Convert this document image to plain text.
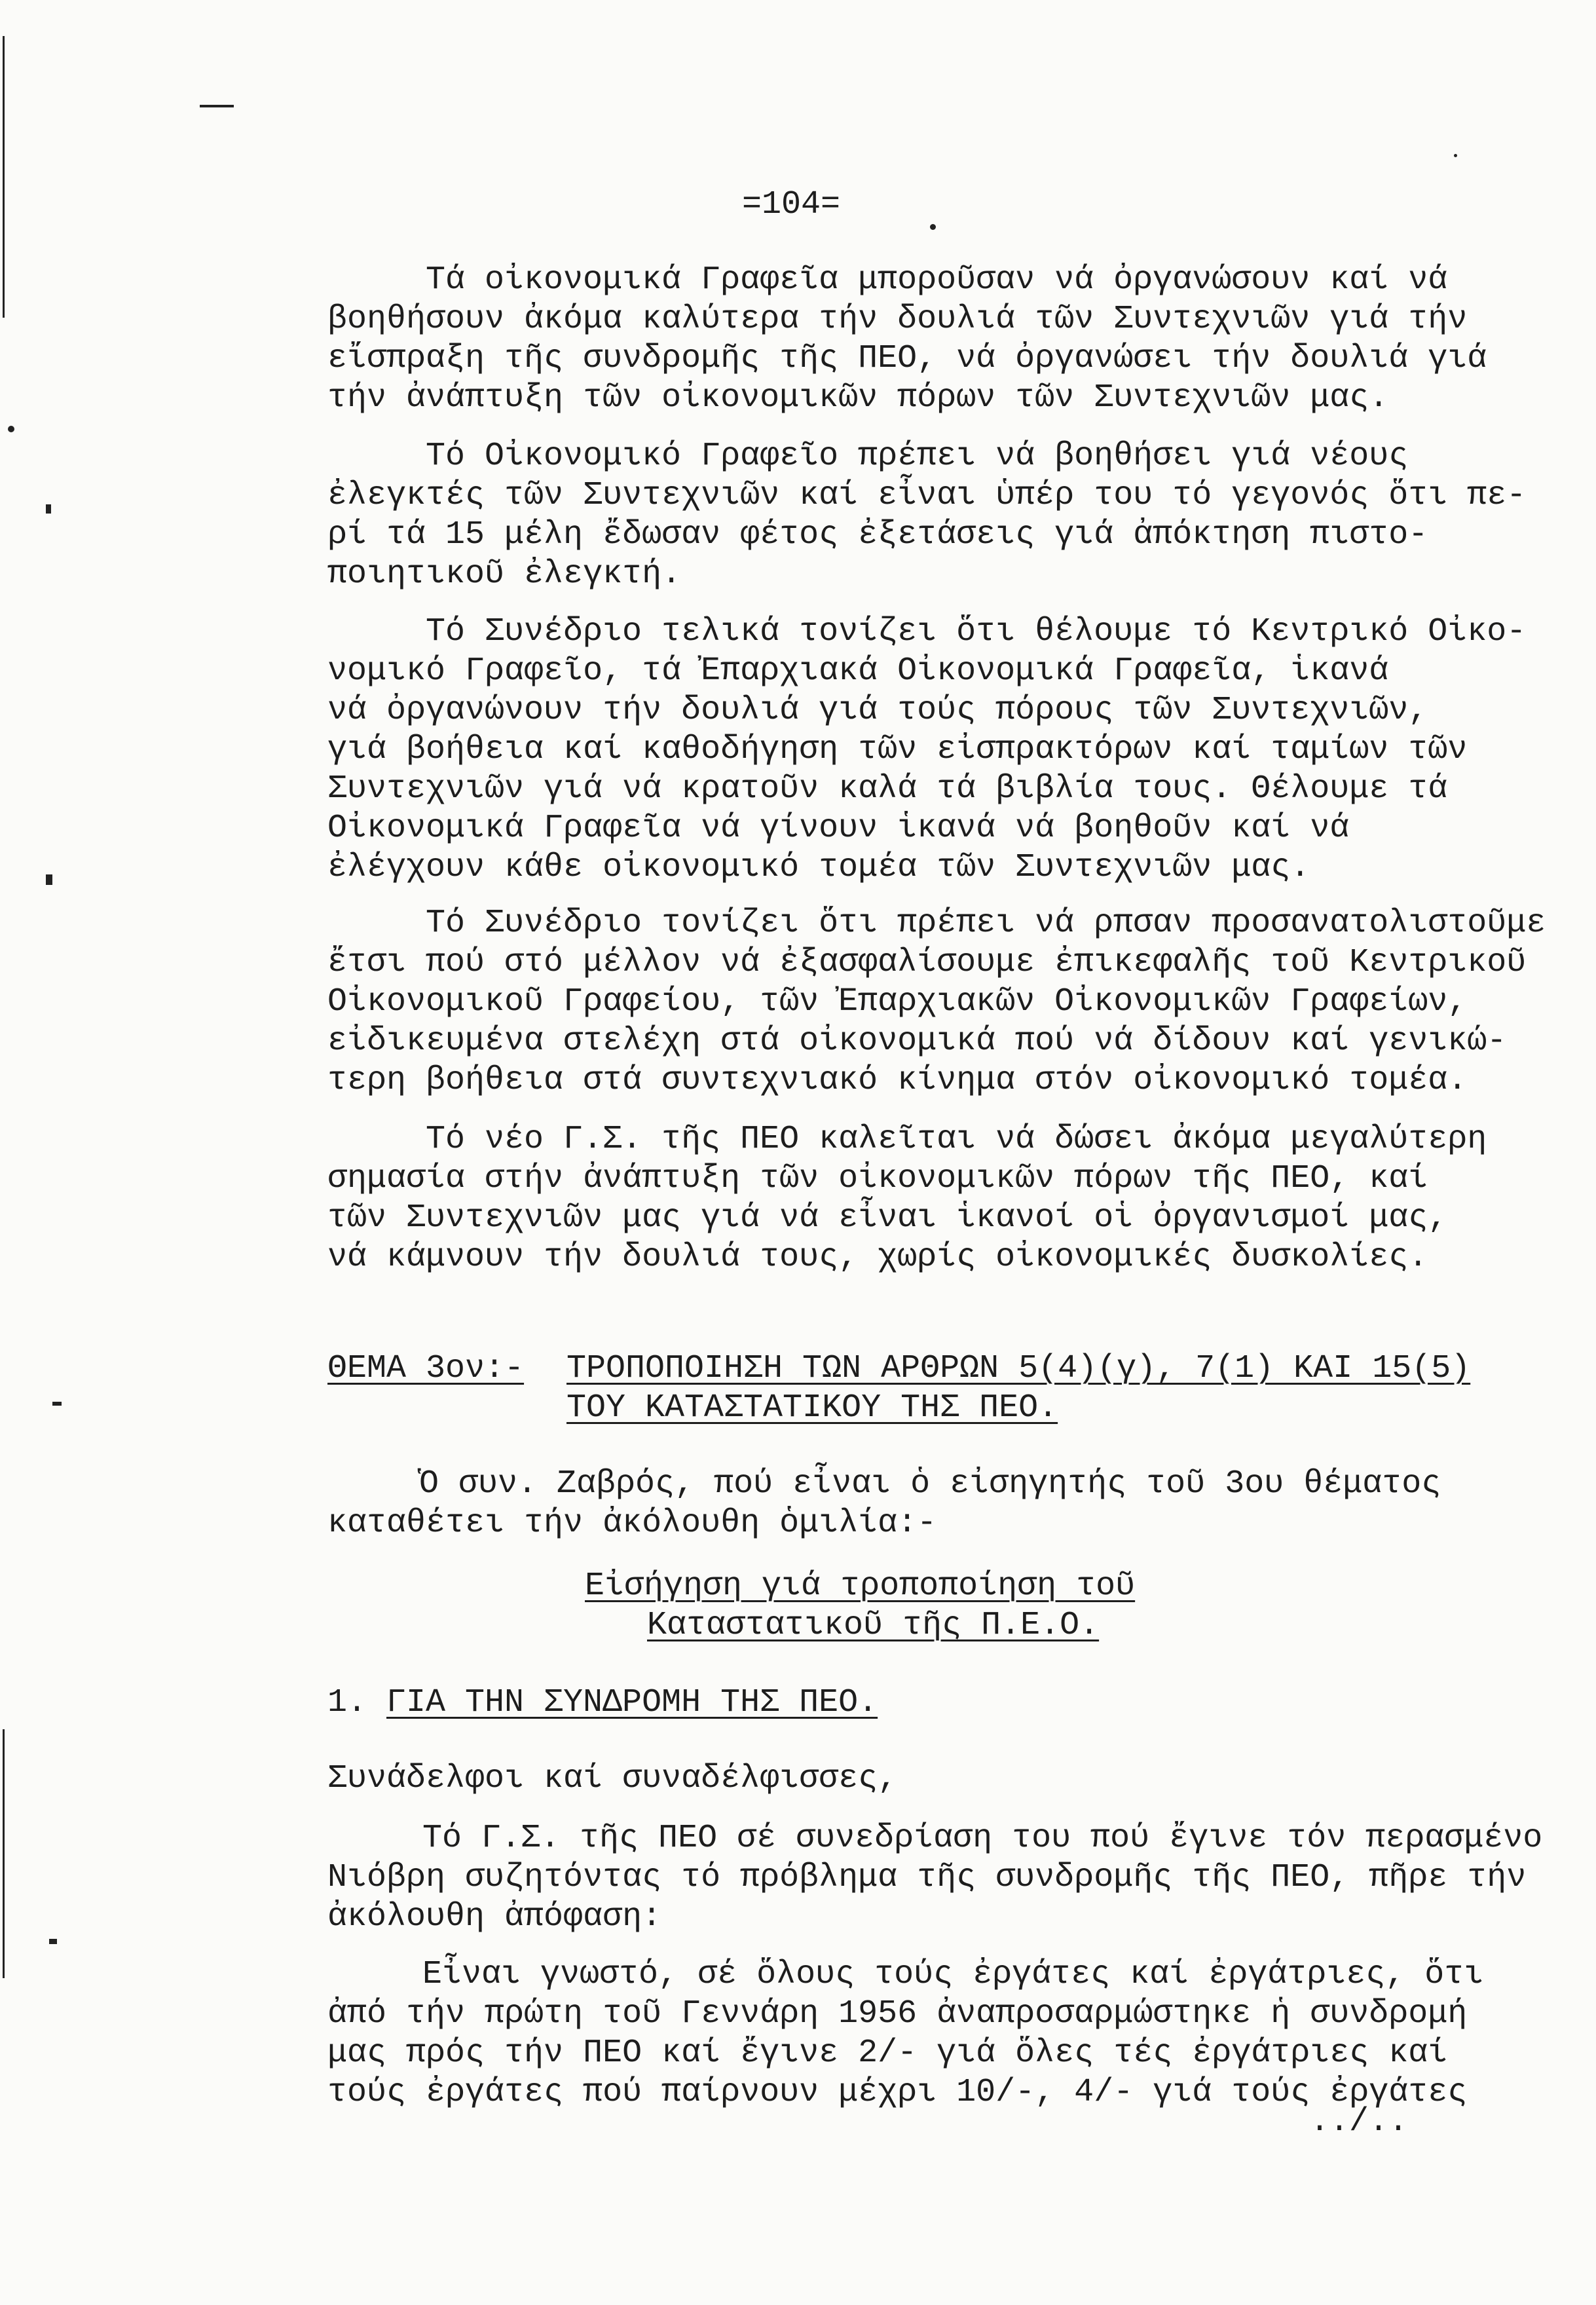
=104=
Τά οἰκονομικά Γραφεῖα μποροῦσαν νά ὀργανώσουν καί νά
βοηθήσουν ἀκόμα καλύτερα τήν δουλιά τῶν Συντεχνιῶν γιά τήν
εἴσπραξη τῆς συνδρομῆς τῆς ΠΕΟ, νά ὀργανώσει τήν δουλιά γιά
τήν ἀνάπτυξη τῶν οἰκονομικῶν πόρων τῶν Συντεχνιῶν μας.
Τό Οἰκονομικό Γραφεῖο πρέπει νά βοηθήσει γιά νέους
ἐλεγκτές τῶν Συντεχνιῶν καί εἶναι ὑπέρ του τό γεγονός ὅτι πε-
ρί τά 15 μέλη ἔδωσαν φέτος ἐξετάσεις γιά ἀπόκτηση πιστο-
ποιητικοῦ ἐλεγκτή.
Τό Συνέδριο τελικά τονίζει ὅτι θέλουμε τό Κεντρικό Οἰκο-
νομικό Γραφεῖο, τά Ἐπαρχιακά Οἰκονομικά Γραφεῖα, ἱκανά
νά ὀργανώνουν τήν δουλιά γιά τούς πόρους τῶν Συντεχνιῶν,
γιά βοήθεια καί καθοδήγηση τῶν εἰσπρακτόρων καί ταμίων τῶν
Συντεχνιῶν γιά νά κρατοῦν καλά τά βιβλία τους. Θέλουμε τά
Οἰκονομικά Γραφεῖα νά γίνουν ἱκανά νά βοηθοῦν καί νά
ἐλέγχουν κάθε οἰκονομικό τομέα τῶν Συντεχνιῶν μας.
Τό Συνέδριο τονίζει ὅτι πρέπει νά ρπσαν προσανατολιστοῦμε
ἔτσι πού στό μέλλον νά ἐξασφαλίσουμε ἐπικεφαλῆς τοῦ Κεντρικοῦ
Οἰκονομικοῦ Γραφείου, τῶν Ἐπαρχιακῶν Οἰκονομικῶν Γραφείων,
εἰδικευμένα στελέχη στά οἰκονομικά πού νά δίδουν καί γενικώ-
τερη βοήθεια στά συντεχνιακό κίνημα στόν οἰκονομικό τομέα.
Τό νέο Γ.Σ. τῆς ΠΕΟ καλεῖται νά δώσει ἀκόμα μεγαλύτερη
σημασία στήν ἀνάπτυξη τῶν οἰκονομικῶν πόρων τῆς ΠΕΟ, καί
τῶν Συντεχνιῶν μας γιά νά εἶναι ἱκανοί οἱ ὀργανισμοί μας,
νά κάμνουν τήν δουλιά τους, χωρίς οἰκονομικές δυσκολίες.
ΘΕΜΑ 3ον:-	ΤΡΟΠΟΠΟΙΗΣΗ ΤΩΝ ΑΡΘΡΩΝ 5(4)(γ), 7(1) ΚΑΙ 15(5)
ΤΟΥ ΚΑΤΑΣΤΑΤΙΚΟΥ ΤΗΣ ΠΕΟ.
Ὁ συν. Ζαβρός, πού εἶναι ὁ εἰσηγητής τοῦ 3ου θέματος
καταθέτει τήν ἀκόλουθη ὁμιλία:-
Εἰσήγηση γιά τροποποίηση τοῦ
Καταστατικοῦ τῆς Π.Ε.Ο.
1. ΓΙΑ ΤΗΝ ΣΥΝΔΡΟΜΗ ΤΗΣ ΠΕΟ.
Συνάδελφοι καί συναδέλφισσες,
Τό Γ.Σ. τῆς ΠΕΟ σέ συνεδρίαση του πού ἔγινε τόν περασμένο
Νιόβρη συζητόντας τό πρόβλημα τῆς συνδρομῆς τῆς ΠΕΟ, πῆρε τήν
ἀκόλουθη ἀπόφαση:
Εἶναι γνωστό, σέ ὅλους τούς ἐργάτες καί ἐργάτριες, ὅτι
ἀπό τήν πρώτη τοῦ Γεννάρη 1956 ἀναπροσαρμώστηκε ἡ συνδρομή
μας πρός τήν ΠΕΟ καί ἔγινε 2/- γιά ὅλες τές ἐργάτριες καί
τούς ἐργάτες πού παίρνουν μέχρι 10/-, 4/- γιά τούς ἐργάτες
../..
